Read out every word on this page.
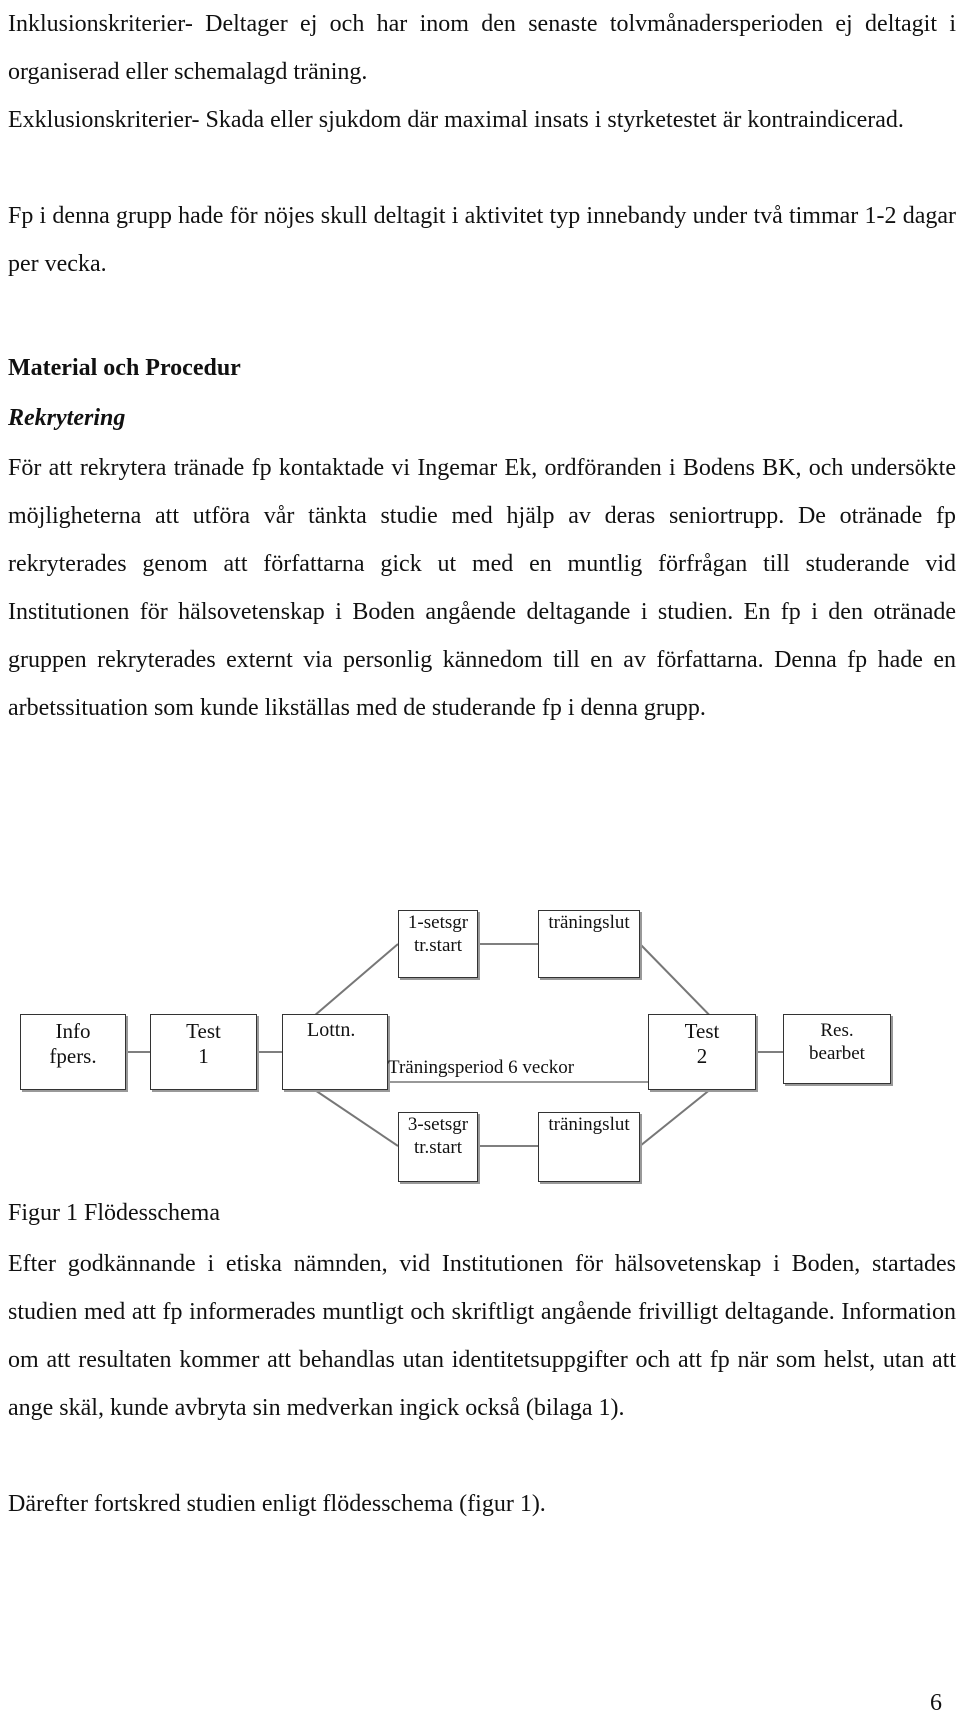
Inklusionskriterier- Deltager ej och har inom den senaste tolvmånadersperioden ej deltagit i organiserad eller schemalagd träning.

Exklusionskriterier- Skada eller sjukdom där maximal insats i styrketestet är kontraindicerad.

Fp i denna grupp hade för nöjes skull deltagit i aktivitet typ innebandy under två timmar 1-2 dagar per vecka.

Material och Procedur
Rekrytering

För att rekrytera tränade fp kontaktade vi Ingemar Ek, ordföranden i Bodens BK, och undersökte möjligheterna att utföra vår tänkta studie med hjälp av deras seniortrupp. De otränade fp rekryterades genom att författarna gick ut med en muntlig förfrågan till studerande vid Institutionen för hälsovetenskap i Boden angående deltagande i studien. En fp i den otränade gruppen rekryterades externt via personlig kännedom till en av författarna. Denna fp hade en arbetssituation som kunde likställas med de studerande fp i denna grupp.

1-setsgr
tr.start
träningslut
Info
fpers.
Test
1
Lottn.
Träningsperiod 6 veckor
Test
2
Res.
bearbet
3-setsgr
tr.start
träningslut

Figur 1 Flödesschema

Efter godkännande i etiska nämnden, vid Institutionen för hälsovetenskap i Boden, startades studien med att fp informerades muntligt och skriftligt angående frivilligt deltagande. Information om att resultaten kommer att behandlas utan identitetsuppgifter och att fp när som helst, utan att ange skäl, kunde avbryta sin medverkan ingick också (bilaga 1).

Därefter fortskred studien enligt flödesschema (figur 1).

6
